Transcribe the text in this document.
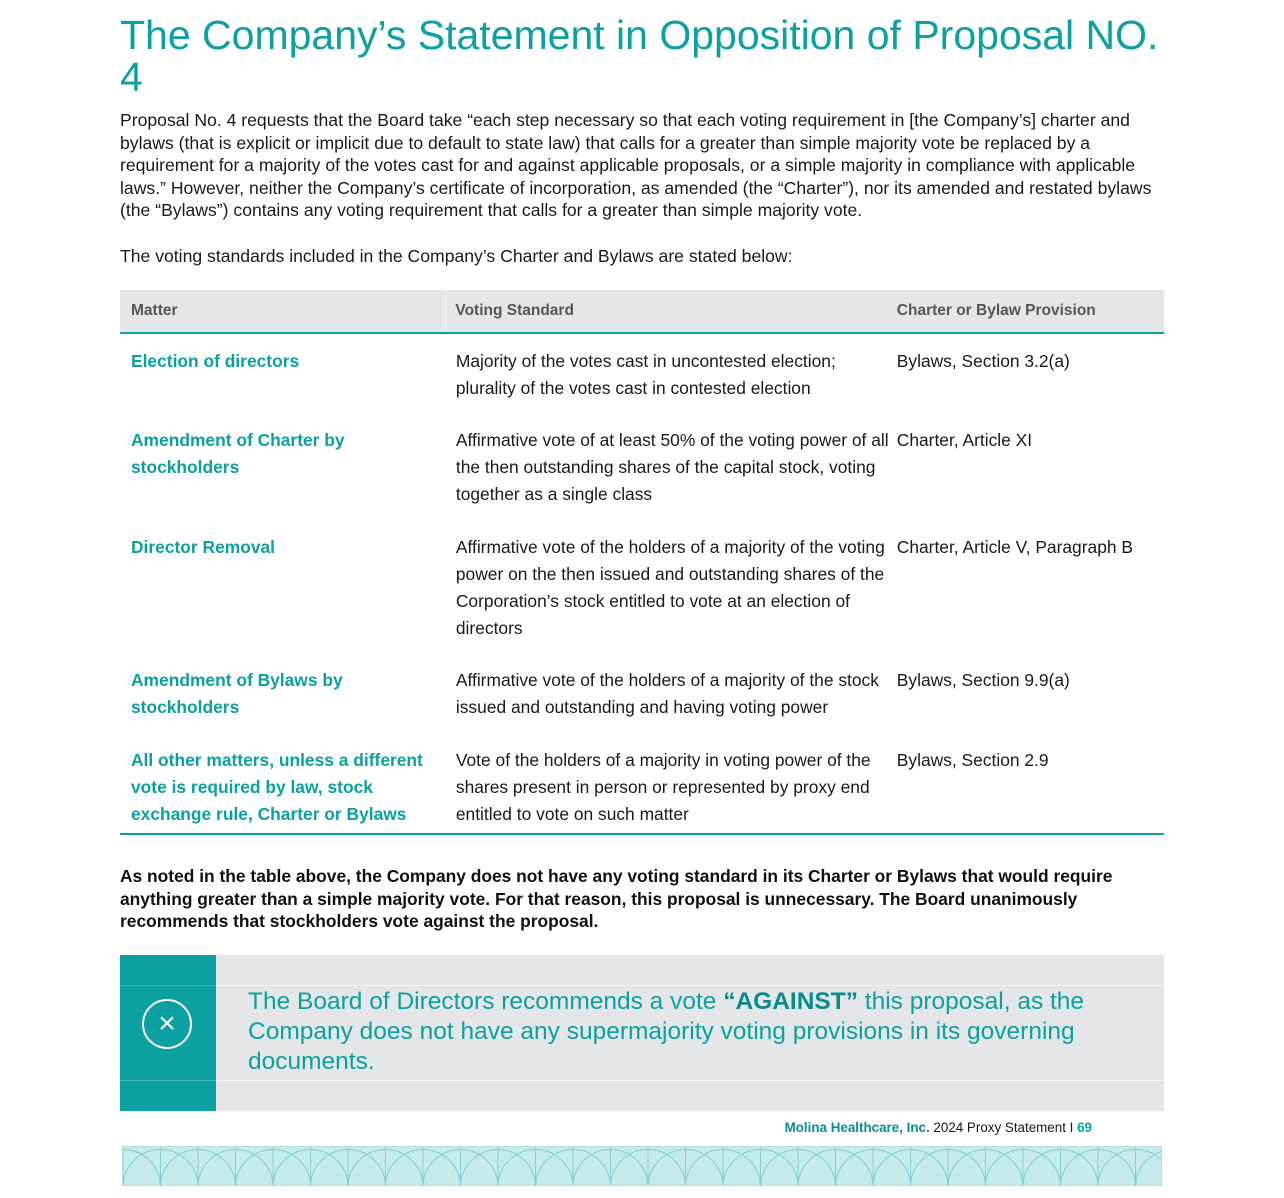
The Company’s Statement in Opposition of Proposal NO. 4
Proposal No. 4 requests that the Board take “each step necessary so that each voting requirement in [the Company’s] charter and bylaws (that is explicit or implicit due to default to state law) that calls for a greater than simple majority vote be replaced by a requirement for a majority of the votes cast for and against applicable proposals, or a simple majority in compliance with applicable laws.” However, neither the Company’s certificate of incorporation, as amended (the “Charter”), nor its amended and restated bylaws (the “Bylaws”) contains any voting requirement that calls for a greater than simple majority vote.
The voting standards included in the Company’s Charter and Bylaws are stated below:
Matter	Voting Standard	Charter or Bylaw Provision
Election of directors	Majority of the votes cast in uncontested election; plurality of the votes cast in contested election	Bylaws, Section 3.2(a)
Amendment of Charter by stockholders	Affirmative vote of at least 50% of the voting power of all the then outstanding shares of the capital stock, voting together as a single class	Charter, Article XI
Director Removal	Affirmative vote of the holders of a majority of the voting power on the then issued and outstanding shares of the Corporation’s stock entitled to vote at an election of directors	Charter, Article V, Paragraph B
Amendment of Bylaws by stockholders	Affirmative vote of the holders of a majority of the stock issued and outstanding and having voting power	Bylaws, Section 9.9(a)
All other matters, unless a different vote is required by law, stock exchange rule, Charter or Bylaws	Vote of the holders of a majority in voting power of the shares present in person or represented by proxy end entitled to vote on such matter	Bylaws, Section 2.9
As noted in the table above, the Company does not have any voting standard in its Charter or Bylaws that would require anything greater than a simple majority vote. For that reason, this proposal is unnecessary. The Board unanimously recommends that stockholders vote against the proposal.
×
The Board of Directors recommends a vote “AGAINST” this proposal, as the Company does not have any supermajority voting provisions in its governing documents.
Molina Healthcare, Inc. 2024 Proxy Statement I 69
